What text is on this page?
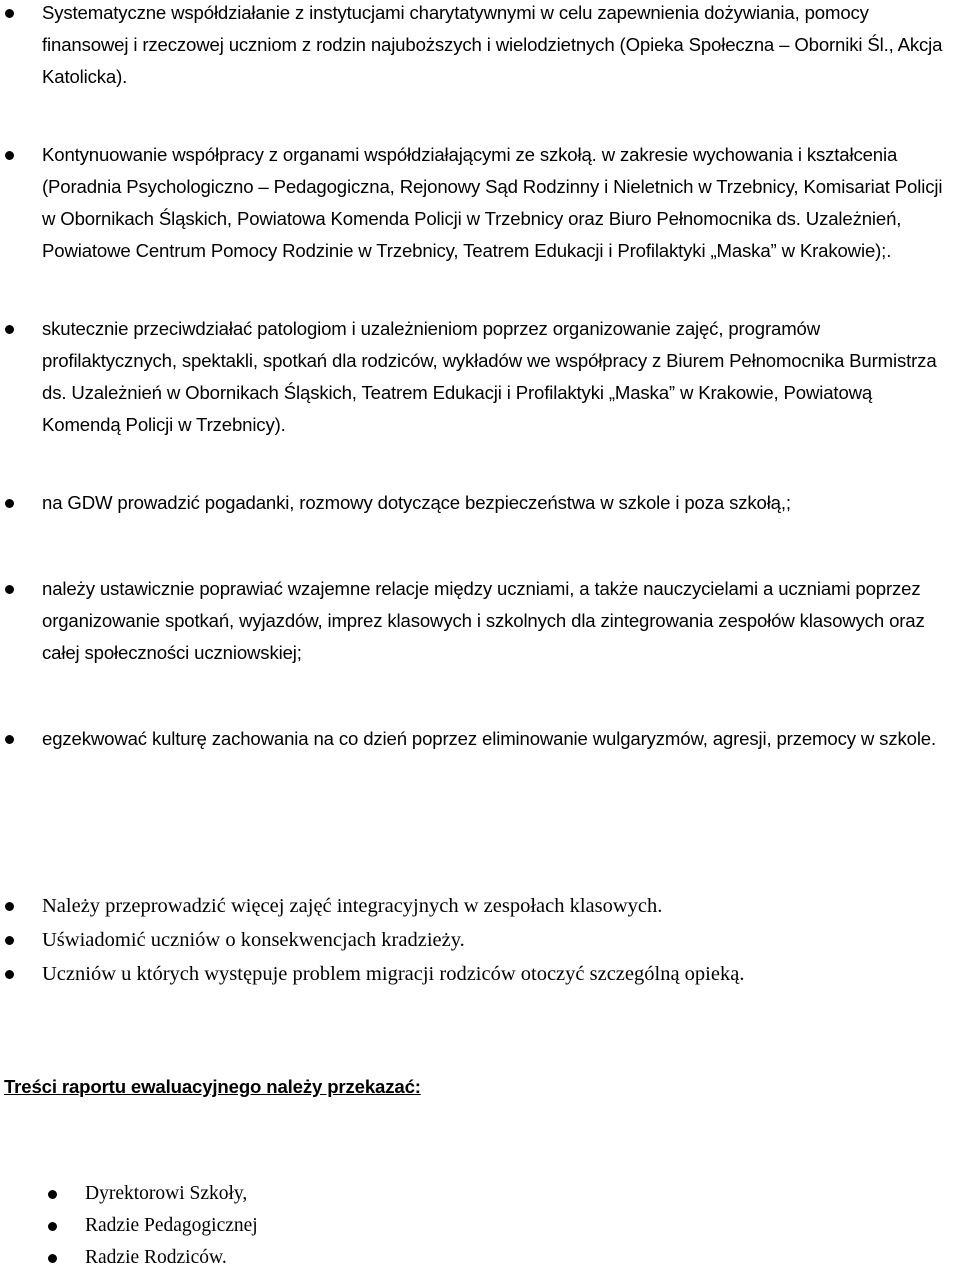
Systematyczne współdziałanie z instytucjami charytatywnymi w celu zapewnienia dożywiania, pomocy finansowej i rzeczowej uczniom z rodzin najuboższych i wielodzietnych (Opieka Społeczna – Oborniki Śl., Akcja Katolicka).
Kontynuowanie współpracy z organami współdziałającymi ze szkołą. w zakresie wychowania i kształcenia (Poradnia Psychologiczno – Pedagogiczna, Rejonowy Sąd Rodzinny i Nieletnich w Trzebnicy, Komisariat Policji w Obornikach Śląskich, Powiatowa Komenda Policji w Trzebnicy oraz Biuro Pełnomocnika ds. Uzależnień, Powiatowe Centrum Pomocy Rodzinie w Trzebnicy, Teatrem Edukacji i Profilaktyki „Maska” w Krakowie);.
skutecznie przeciwdziałać patologiom i uzależnieniom poprzez organizowanie zajęć, programów profilaktycznych, spektakli, spotkań dla rodziców, wykładów we współpracy z Biurem Pełnomocnika Burmistrza ds. Uzależnień w Obornikach Śląskich, Teatrem Edukacji i Profilaktyki „Maska” w Krakowie, Powiatową Komendą Policji w Trzebnicy).
na GDW prowadzić pogadanki, rozmowy dotyczące bezpieczeństwa w szkole i poza szkołą,;
należy ustawicznie poprawiać wzajemne relacje między uczniami, a także nauczycielami a uczniami poprzez organizowanie spotkań, wyjazdów, imprez klasowych i szkolnych dla zintegrowania zespołów klasowych oraz całej społeczności uczniowskiej;
egzekwować kulturę zachowania na co dzień poprzez eliminowanie wulgaryzmów, agresji, przemocy w szkole.
Należy przeprowadzić więcej zajęć integracyjnych w zespołach klasowych.
Uświadomić uczniów o konsekwencjach kradzieży.
Uczniów u których występuje problem migracji rodziców otoczyć szczególną opieką.
Treści raportu ewaluacyjnego należy przekazać:
Dyrektorowi Szkoły,
Radzie Pedagogicznej
Radzie Rodziców.
